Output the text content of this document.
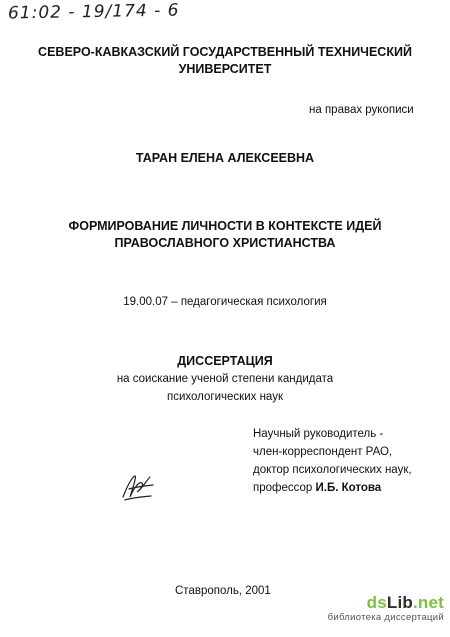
61:02 - 19/174 - 6
СЕВЕРО-КАВКАЗСКИЙ ГОСУДАРСТВЕННЫЙ ТЕХНИЧЕСКИЙ
УНИВЕРСИТЕТ
на правах рукописи
ТАРАН ЕЛЕНА АЛЕКСЕЕВНА
ФОРМИРОВАНИЕ ЛИЧНОСТИ В КОНТЕКСТЕ ИДЕЙ
ПРАВОСЛАВНОГО ХРИСТИАНСТВА
19.00.07 – педагогическая психология
ДИССЕРТАЦИЯ
на соискание ученой степени кандидата
психологических наук
Научный руководитель -
член-корреспондент РАО,
доктор психологических наук,
профессор И.Б. Котова
Ставрополь, 2001
dsLib.net
библиотека диссертаций
